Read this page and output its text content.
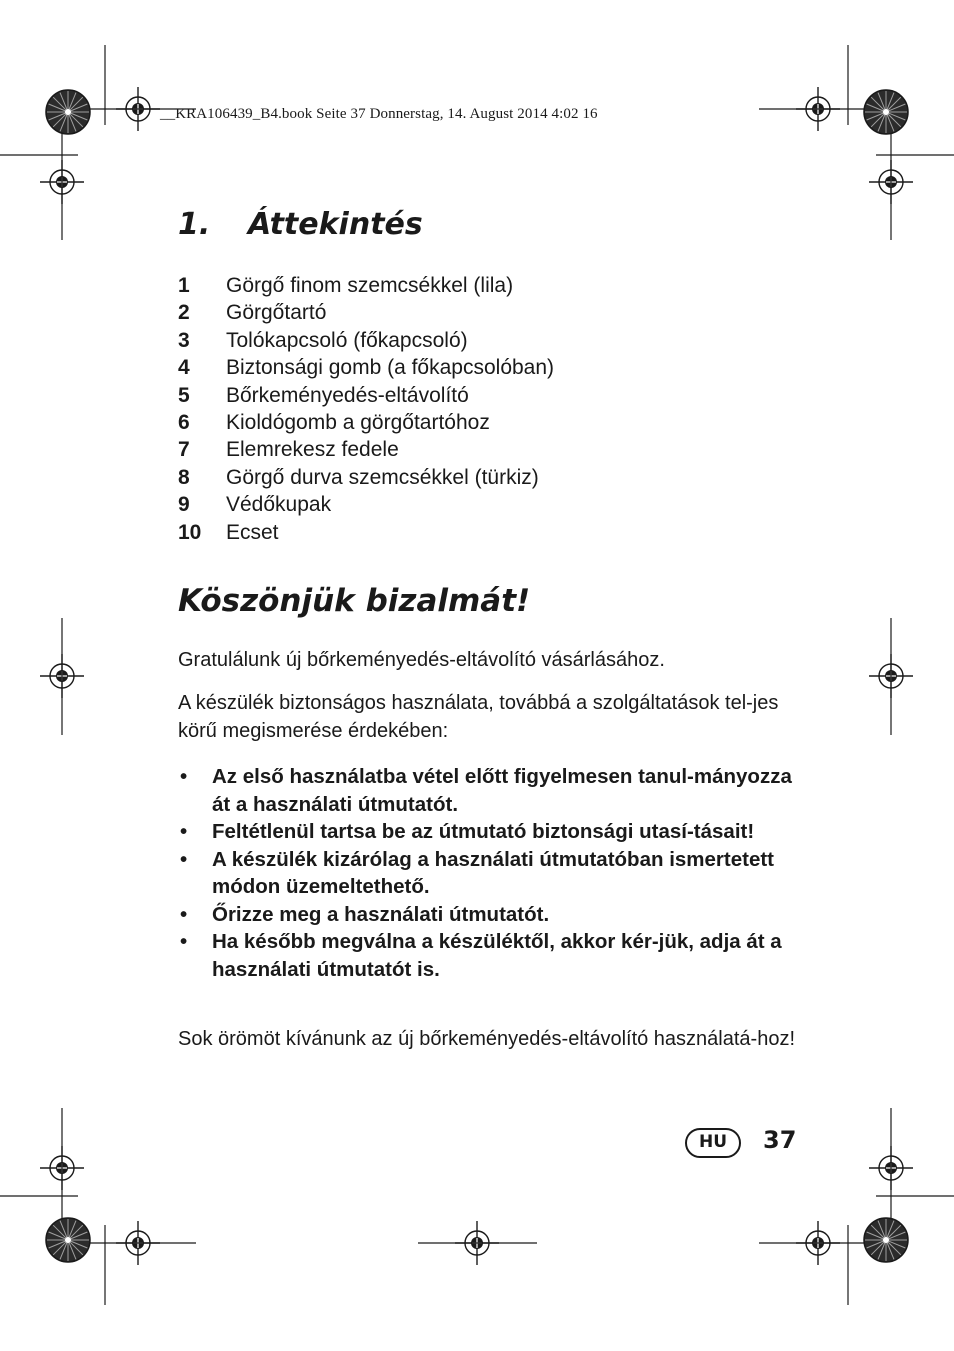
__KRA106439_B4.book Seite 37 Donnerstag, 14. August 2014 4:02 16
1. Áttekintés
1 Görgő finom szemcsékkel (lila)
2 Görgőtartó
3 Tolókapcsoló (főkapcsoló)
4 Biztonsági gomb (a főkapcsolóban)
5 Bőrkeményedés-eltávolító
6 Kioldógomb a görgőtartóhoz
7 Elemrekesz fedele
8 Görgő durva szemcsékkel (türkiz)
9 Védőkupak
10 Ecset
Köszönjük bizalmát!

Gratulálunk új bőrkeményedés-eltávolító vásárlásához.

A készülék biztonságos használata, továbbá a szolgáltatások tel-jes körű megismerése érdekében:

• Az első használatba vétel előtt figyelmesen tanul-mányozza át a használati útmutatót.
• Feltétlenül tartsa be az útmutató biztonsági utasí-tásait!
• A készülék kizárólag a használati útmutatóban ismertetett módon üzemeltethető.
• Őrizze meg a használati útmutatót.
• Ha később megválna a készüléktől, akkor kér-jük, adja át a használati útmutatót is.

Sok örömöt kívánunk az új bőrkeményedés-eltávolító használatá-hoz!

HU	37
